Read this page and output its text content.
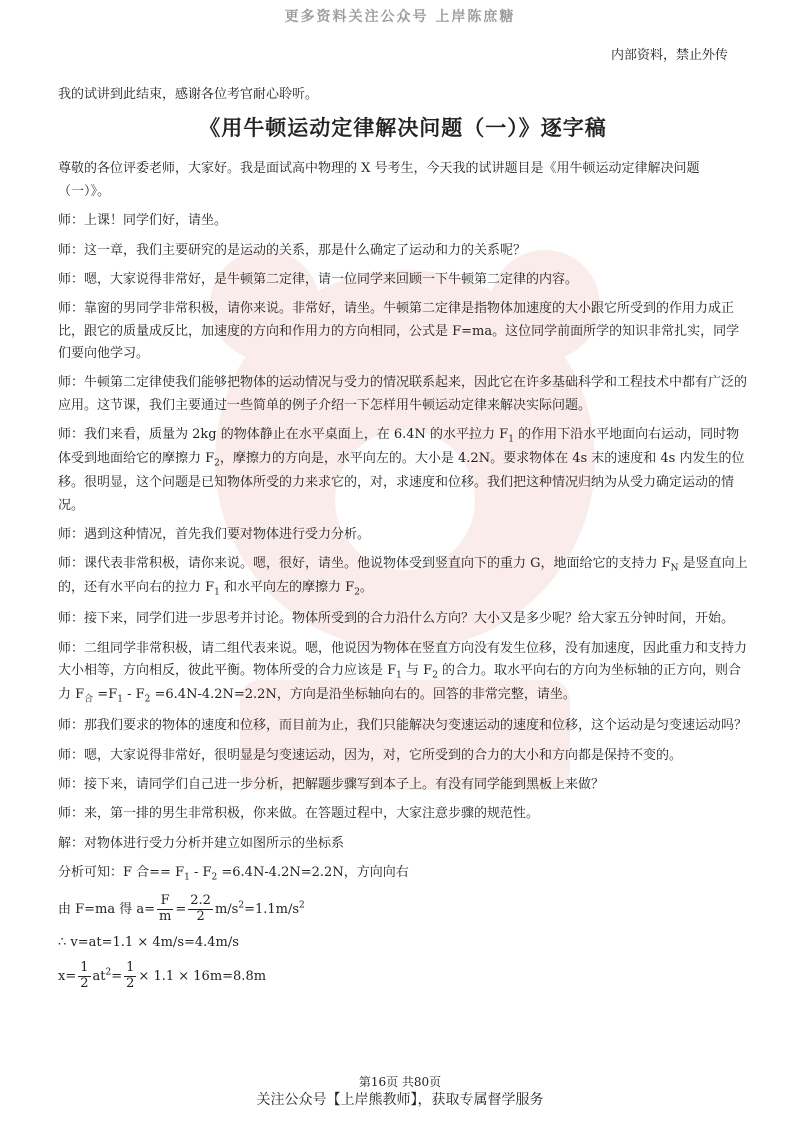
更多资料关注公众号 上岸陈庶糖
内部资料，禁止外传

我的试讲到此结束，感谢各位考官耐心聆听。

《用牛顿运动定律解决问题（一）》逐字稿

尊敬的各位评委老师，大家好。我是面试高中物理的 X 号考生，今天我的试讲题目是《用牛顿运动定律解决问题（一）》。

师：上课！同学们好，请坐。

师：这一章，我们主要研究的是运动的关系，那是什么确定了运动和力的关系呢？

师：嗯，大家说得非常好，是牛顿第二定律，请一位同学来回顾一下牛顿第二定律的内容。

师：靠窗的男同学非常积极，请你来说。非常好，请坐。牛顿第二定律是指物体加速度的大小跟它所受到的作用力成正比，跟它的质量成反比，加速度的方向和作用力的方向相同，公式是 F=ma。这位同学前面所学的知识非常扎实，同学们要向他学习。

师：牛顿第二定律使我们能够把物体的运动情况与受力的情况联系起来，因此它在许多基础科学和工程技术中都有广泛的应用。这节课，我们主要通过一些简单的例子介绍一下怎样用牛顿运动定律来解决实际问题。

师：我们来看，质量为 2kg 的物体静止在水平桌面上，在 6.4N 的水平拉力 $F_1$ 的作用下沿水平地面向右运动，同时物体受到地面给它的摩擦力 $F_2$，摩擦力的方向是，水平向左的。大小是 4.2N。要求物体在 4s 末的速度和 4s 内发生的位移。很明显，这个问题是已知物体所受的力来求它的，对，求速度和位移。我们把这种情况归纳为从受力确定运动的情况。

师：遇到这种情况，首先我们要对物体进行受力分析。

师：课代表非常积极，请你来说。嗯，很好，请坐。他说物体受到竖直向下的重力 G，地面给它的支持力 $F_N$ 是竖直向上的，还有水平向右的拉力 $F_1$ 和水平向左的摩擦力 $F_2$。

师：接下来，同学们进一步思考并讨论。物体所受到的合力沿什么方向？大小又是多少呢？给大家五分钟时间，开始。

师：二组同学非常积极，请二组代表来说。嗯，他说因为物体在竖直方向没有发生位移，没有加速度，因此重力和支持力大小相等，方向相反，彼此平衡。物体所受的合力应该是 $F_1$ 与 $F_2$ 的合力。取水平向右的方向为坐标轴的正方向，则合力 $F_合 =F_1 - F_2 =6.4N-4.2N=2.2N$，方向是沿坐标轴向右的。回答的非常完整，请坐。

师：那我们要求的物体的速度和位移，而目前为止，我们只能解决匀变速运动的速度和位移，这个运动是匀变速运动吗？

师：嗯，大家说得非常好，很明显是匀变速运动，因为，对，它所受到的合力的大小和方向都是保持不变的。

师：接下来，请同学们自己进一步分析，把解题步骤写到本子上。有没有同学能到黑板上来做？

师：来，第一排的男生非常积极，你来做。在答题过程中，大家注意步骤的规范性。

解：对物体进行受力分析并建立如图所示的坐标系

分析可知：F 合== $F_1 - F_2 =6.4N-4.2N=2.2N$，方向向右

由 F=ma 得 $a= \frac{F}{m} = \frac{2.2}{2} m/s^2=1.1m/s^2$

∴ v=at=1.1 × 4m/s=4.4m/s

$x= \frac{1}{2} at^2= \frac{1}{2} \times 1.1 \times 16m=8.8m$

第16页 共80页
关注公众号【上岸熊教师】，获取专属督学服务
